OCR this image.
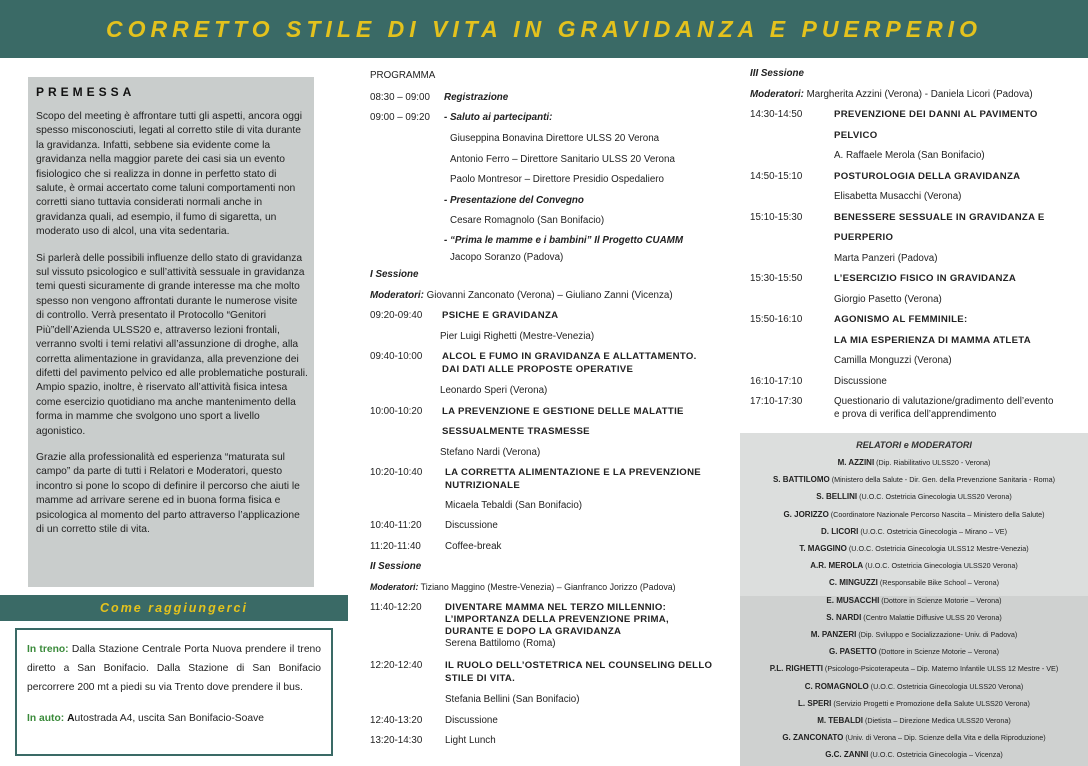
CORRETTO STILE DI VITA IN GRAVIDANZA E PUERPERIO
PREMESSA

Scopo del meeting è affrontare tutti gli aspetti, ancora oggi spesso misconosciuti, legati al corretto stile di vita durante la gravidanza. Infatti, sebbene sia evidente come la gravidanza nella maggior parete dei casi sia un evento fisiologico che si realizza in donne in perfetto stato di salute, è ormai accertato come taluni comportamenti non corretti siano tuttavia considerati normali anche in gravidanza quali, ad esempio, il fumo di sigaretta, un moderato uso di alcol, una vita sedentaria.

Si parlerà delle possibili influenze dello stato di gravidanza sul vissuto psicologico e sull’attività sessuale in gravidanza temi questi sicuramente di grande interesse ma che molto spesso non vengono affrontati durante le numerose visite di controllo. Verrà presentato il Protocollo “Genitori Più”dell’Azienda ULSS20 e, attraverso lezioni frontali, verranno svolti i temi relativi all’assunzione di droghe, alla corretta alimentazione in gravidanza, alla prevenzione dei difetti del pavimento pelvico ed alle problematiche posturali. Ampio spazio, inoltre, è riservato all’attività fisica intesa come esercizio quotidiano ma anche mantenimento della forma in mamme che svolgono uno sport a livello agonistico.

Grazie alla professionalità ed esperienza “maturata sul campo” da parte di tutti i Relatori e Moderatori, questo incontro si pone lo scopo di definire il percorso che aiuti le mamme ad arrivare serene ed in buona forma fisica e psicologica al momento del parto attraverso l’applicazione di un corretto stile di vita.

Come raggiungerci

In treno: Dalla Stazione Centrale Porta Nuova prendere il treno diretto a San Bonifacio. Dalla Stazione di San Bonifacio percorrere 200 mt a piedi su via Trento dove prendere il bus.

In auto: Autostrada A4, uscita San Bonifacio-Soave

PROGRAMMA
08:30 – 09:00 Registrazione
09:00 – 09:20 - Saluto ai partecipanti:
Giuseppina Bonavina Direttore ULSS 20 Verona
Antonio Ferro – Direttore Sanitario ULSS 20 Verona
Paolo Montresor – Direttore Presidio Ospedaliero
- Presentazione del Convegno
Cesare Romagnolo (San Bonifacio)
- “Prima le mamme e i bambini” Il Progetto CUAMM
Jacopo Soranzo (Padova)
I Sessione
Moderatori: Giovanni Zanconato (Verona) – Giuliano Zanni (Vicenza)
09:20-09:40 PSICHE E GRAVIDANZA
Pier Luigi Righetti (Mestre-Venezia)
09:40-10:00 ALCOL E FUMO IN GRAVIDANZA E ALLATTAMENTO.
DAI DATI ALLE PROPOSTE OPERATIVE
Leonardo Speri (Verona)
10:00-10:20 LA PREVENZIONE E GESTIONE DELLE MALATTIE
SESSUALMENTE TRASMESSE
Stefano Nardi (Verona)
10:20-10:40 LA CORRETTA ALIMENTAZIONE E LA PREVENZIONE
NUTRIZIONALE
Micaela Tebaldi (San Bonifacio)
10:40-11:20 Discussione
11:20-11:40 Coffee-break
II Sessione
Moderatori: Tiziano Maggino (Mestre-Venezia) – Gianfranco Jorizzo (Padova)
11:40-12:20 DIVENTARE MAMMA NEL TERZO MILLENNIO:
L’IMPORTANZA DELLA PREVENZIONE PRIMA,
DURANTE E DOPO LA GRAVIDANZA
Serena Battilomo (Roma)
12:20-12:40 IL RUOLO DELL’OSTETRICA NEL COUNSELING DELLO
STILE DI VITA.
Stefania Bellini (San Bonifacio)
12:40-13:20 Discussione
13:20-14:30 Light Lunch
III Sessione
Moderatori: Margherita Azzini (Verona) - Daniela Licori (Padova)
14:30-14:50	PREVENZIONE DEI DANNI AL PAVIMENTO
PELVICO
A. Raffaele Merola (San Bonifacio)
14:50-15:10	POSTUROLOGIA DELLA GRAVIDANZA
Elisabetta Musacchi (Verona)
15:10-15:30	BENESSERE SESSUALE IN GRAVIDANZA E
PUERPERIO
Marta Panzeri (Padova)
15:30-15:50	L’ESERCIZIO FISICO IN GRAVIDANZA
Giorgio Pasetto (Verona)
15:50-16:10	AGONISMO AL FEMMINILE:
LA MIA ESPERIENZA DI MAMMA ATLETA
Camilla Monguzzi (Verona)
16:10-17:10	Discussione
17:10-17:30	Questionario di valutazione/gradimento dell’evento
e prova di verifica dell’apprendimento
RELATORI e MODERATORI
M. AZZINI (Dip. Riabilitativo ULSS20 - Verona)
S. BATTILOMO (Ministero della Salute - Dir. Gen. della Prevenzione Sanitaria - Roma)
S. BELLINI (U.O.C. Ostetricia Ginecologia ULSS20 Verona)
G. JORIZZO (Coordinatore Nazionale Percorso Nascita – Ministero della Salute)
D. LICORI (U.O.C. Ostetricia Ginecologia – Mirano – VE)
T. MAGGINO (U.O.C. Ostetricia Ginecologia ULSS12 Mestre-Venezia)
A.R. MEROLA (U.O.C. Ostetricia Ginecologia ULSS20 Verona)
C. MINGUZZI (Responsabile Bike School – Verona)
E. MUSACCHI (Dottore in Scienze Motorie – Verona)
S. NARDI (Centro Malattie Diffusive ULSS 20 Verona)
M. PANZERI (Dip. Sviluppo e Socializzazione- Univ. di Padova)
G. PASETTO (Dottore in Scienze Motorie – Verona)
P.L. RIGHETTI (Psicologo-Psicoterapeuta – Dip. Materno Infantile ULSS 12 Mestre - VE)
C. ROMAGNOLO (U.O.C. Ostetricia Ginecologia ULSS20 Verona)
L. SPERI (Servizio Progetti e Promozione della Salute ULSS20 Verona)
M. TEBALDI (Dietista – Direzione Medica ULSS20 Verona)
G. ZANCONATO (Univ. di Verona – Dip. Scienze della Vita e della Riproduzione)
G.C. ZANNI (U.O.C. Ostetricia Ginecologia – Vicenza)
